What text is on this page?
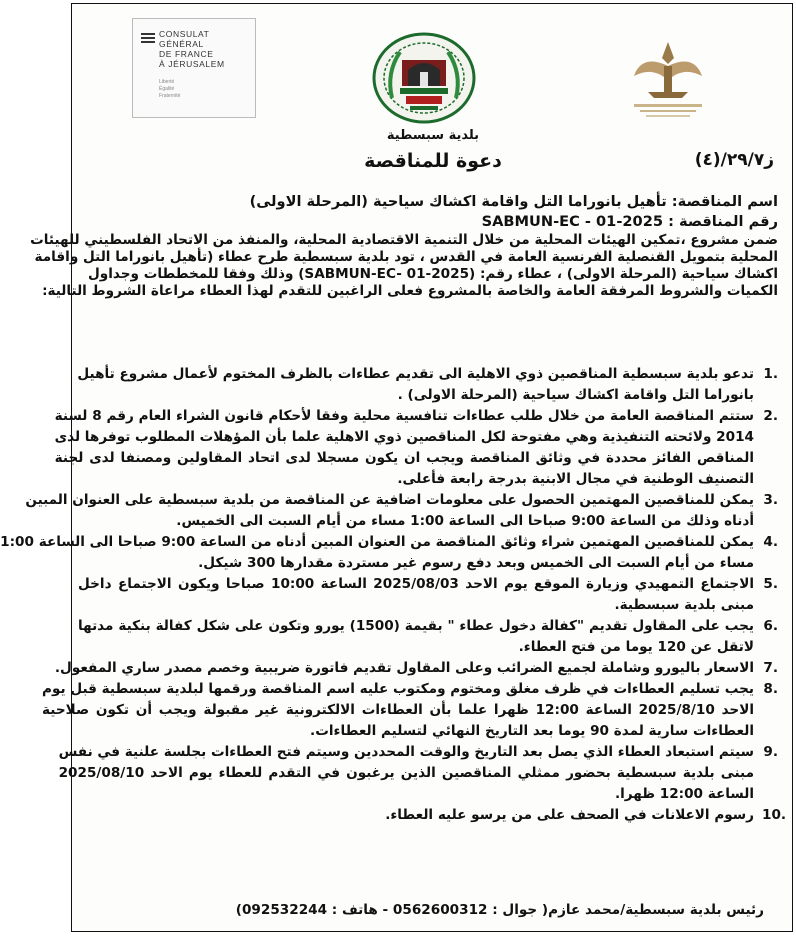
CONSULAT
GÉNÉRAL
DE FRANCE
À JÉRUSALEM
Liberté
Égalité
Fraternité
بلدية سبسطية
دعوة للمناقصة	ز٢٩/٧/(٤)
اسم المناقصة: تأهيل بانوراما التل واقامة اكشاك سياحية (المرحلة الاولى)
رقم المناقصة : SABMUN-EC - 01-2025
ضمن مشروع ،تمكين الهيئات المحلية من خلال التنمية الاقتصادية المحلية، والمنفذ من الاتحاد الفلسطيني للهيئات
المحلية بتمويل القنصلية الفرنسية العامة في القدس ، تود بلدية سبسطية طرح عطاء (تأهيل بانوراما التل واقامة
اكشاك سياحية (المرحلة الاولى) ، عطاء رقم: (SABMUN-EC- 01-2025) وذلك وفقا للمخططات وجداول
الكميات والشروط المرفقة العامة والخاصة بالمشروع فعلى الراغبين للتقدم لهذا العطاء مراعاة الشروط التالية:
1.
تدعو بلدية سبسطية المناقصين ذوي الاهلية الى تقديم عطاءات بالظرف المختوم لأعمال مشروع تأهيل
بانوراما التل واقامة اكشاك سياحية (المرحلة الاولى) .
2.
ستتم المناقصة العامة من خلال طلب عطاءات تنافسية محلية وفقا لأحكام قانون الشراء العام رقم 8 لسنة
2014 ولائحته التنفيذية وهي مفتوحة لكل المناقصين ذوي الاهلية علما بأن المؤهلات المطلوب توفرها لدى
المناقص الفائز محددة في وثائق المناقصة ويجب ان يكون مسجلا لدى اتحاد المقاولين ومصنفا لدى لجنة
التصنيف الوطنية في مجال الابنية بدرجة رابعة فأعلى.
3.
يمكن للمناقصين المهتمين الحصول على معلومات اضافية عن المناقصة من بلدية سبسطية على العنوان المبين
أدناه وذلك من الساعة 9:00 صباحا الى الساعة 1:00 مساء من أيام السبت الى الخميس.
4.
يمكن للمناقصين المهتمين شراء وثائق المناقصة من العنوان المبين أدناه من الساعة 9:00 صباحا الى الساعة 1:00
مساء من أيام السبت الى الخميس وبعد دفع رسوم غير مستردة مقدارها 300 شيكل.
5.
الاجتماع التمهيدي وزيارة الموقع يوم الاحد 2025/08/03 الساعة 10:00 صباحا ويكون الاجتماع داخل
مبنى بلدية سبسطية.
6.
يجب على المقاول تقديم "كفالة دخول عطاء " بقيمة (1500) يورو وتكون على شكل كفالة بنكية مدتها
لاتقل عن 120 يوما من فتح العطاء.
7.
الاسعار باليورو وشاملة لجميع الضرائب وعلى المقاول تقديم فاتورة ضريبية وخصم مصدر ساري المفعول.
8.
يجب تسليم العطاءات في ظرف مغلق ومختوم ومكتوب عليه اسم المناقصة ورقمها لبلدية سبسطية قبل يوم
الاحد 2025/8/10 الساعة 12:00 ظهرا علما بأن العطاءات الالكترونية غير مقبولة ويجب أن تكون صلاحية
العطاءات سارية لمدة 90 يوما بعد التاريخ النهائي لتسليم العطاءات.
9.
سيتم استبعاد العطاء الذي يصل بعد التاريخ والوقت المحددين وسيتم فتح العطاءات بجلسة علنية في نفس
مبنى بلدية سبسطية بحضور ممثلي المناقصين الذين يرغبون في التقدم للعطاء يوم الاحد 2025/08/10
الساعة 12:00 ظهرا.
10.
رسوم الاعلانات في الصحف على من يرسو عليه العطاء.
رئيس بلدية سبسطية/محمد عازم( جوال : 0562600312 - هاتف : 092532244)
